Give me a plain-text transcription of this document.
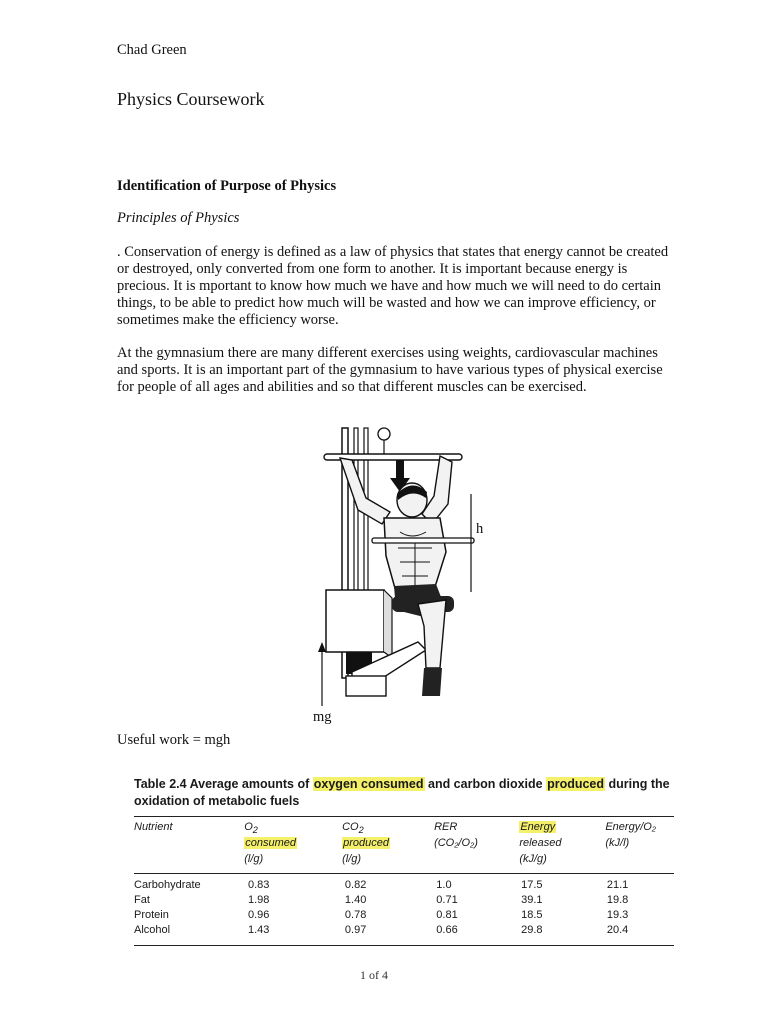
Chad Green
Physics Coursework
Identification of Purpose of Physics
Principles of Physics
. Conservation of energy is defined as a law of physics that states that energy cannot be created or destroyed, only converted from one form to another. It is important because energy is precious. It is mportant to know how much we have and how much we will need to do certain things, to be able to predict how much will be wasted and how we can improve efficiency, or sometimes make the efficiency worse.
At the gymnasium there are many different exercises using weights, cardiovascular machines and sports. It is an important part of the gymnasium to have various types of physical exercise for people of all ages and abilities and so that different muscles can be exercised.
h
mg
Useful work = mgh
Table 2.4 Average amounts of oxygen consumed and carbon dioxide produced during the
oxidation of metabolic fuels
Nutrient	$O_2$	$CO_2$	RER	Energy	Energy/O₂
	consumed	produced	(CO₂/O₂)	released	(kJ/l)
	(l/g)	(l/g)		(kJ/g)	
Carbohydrate	0.83	0.82	1.0	17.5	21.1
Fat	1.98	1.40	0.71	39.1	19.8
Protein	0.96	0.78	0.81	18.5	19.3
Alcohol	1.43	0.97	0.66	29.8	20.4
1 of 4
